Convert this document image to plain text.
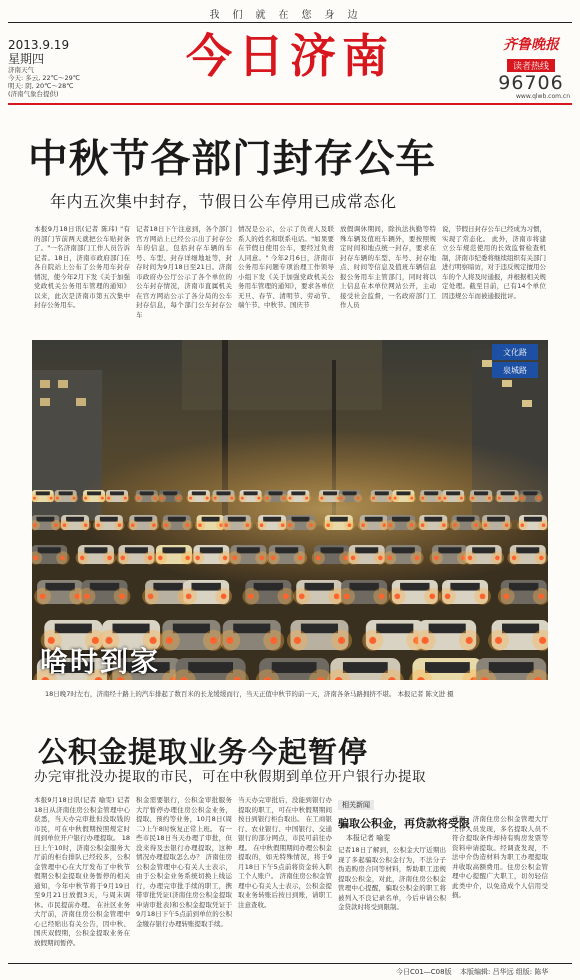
我们就在您身边
2013.9.19
星期四
济南天气
今天: 多云, 22℃～29℃
明天: 阴, 20℃～28℃
(济南气象台提供)
今日济南	齐鲁晚报
读者热线
96706
www.qlwb.com.cn
中秋节各部门封存公车
年内五次集中封存，节假日公车停用已成常态化
本报9月18日讯(记者 陈玮) "有的部门节前两天就把公车贴封条了。"一名济南部门工作人员告诉记者。18日，济南市政府部门在各自院站上公布了公务用车封存情况，使今年2月下发《关于加强党政机关公务用车管理的通知》以来，此次是济南市第五次集中封存公务用车。
记者18日下午注意到，各个部门官方网站上已经公示出了封存公车的信息，包括封存车辆的车号、车型、封存详细地址等，封存时间为9月18日至21日。济南市政府办公厅公示了各个单位的公车封存情况，济南市直属机关在官方网站公示了各分局的公车封存信息，每个部门公车封存公车
情况是公示，公示了负责人及联系人的姓名和联系电话。"如果要在节假日使用公车，要经过负责人同意。" 今年2月6日，济南市公务用车问题专项治理工作领导小组下发《关于加强党政机关公务用车管理的通知》，要求各单位无旦、春节、清明节、劳动节、端午节、中秋节、国庆节
放假调休期间，除执法执勤等特殊车辆及值班车辆外，要按照规定时间和地点统一封存，要求在封存车辆的车型、车号、封存地点、时间等信息及值班车辆信息报公务用车主管部门，同时将以上信息在本单位网站公开，主动接受社会监督，一名政府部门工作人员
说，节假日封存公车已经成为习惯，实现了常态化。 此外，济南市将建立公车规范使用的长效监督检查机制，济南市纪委将继续组织有关部门进行明察暗访，对于违反规定擅用公车的个人将及时通报，并根据相关规定处理。截至目前，已有14个单位因违规公车而被通报批评。
文化路
泉城路
啥时到家
18日晚7时左右，济南经十路上的汽车排起了数百米的长龙缓缓而行，当天正值中秋节的前一天，济南各条马路拥挤不堪。 本报记者 陈文进 摄
公积金提取业务今起暂停
办完审批没办提取的市民，可在中秋假期到单位开户银行办提取
本报9月18日讯(记者 喻雯) 记者18日从济南住房公积金管理中心获悉，当天办完审批但没取钱的市民，可在中秋假期按照规定时间到单位开户银行办理提取。 18日上午10时，济南公积金服务大厅前的柜台排队已经较多，公积金管理中心在大厅发布了中秋节假期公积金提取业务暂停的相关通知，今年中秋节将于9月19日至9月21日放假3天，与周末调休。市民提前办理。 在社区业务大厅前，济南住房公积金管理中心已经贴出有关公告，因中秋、国庆双假期，公积金提取业务在放假期间暂停。
积金需要银行，公积金审批服务大厅暂停办理住房公积金业务，提取、预约等业务，10月8日(周二)上午8时恢复正常上班。 有一些市民18日当天办理了审批，但没来得及去银行办理提取，这种情况办理提取怎么办？ 济南住房公积金管理中心有关人士表示，由于公积金业务系统切换上线运行，办理完审批手续的职工，携带审批凭证(济南住房公积金提取申请审批表)和公积金提取凭证于9月18日下午5点前到单位的公积金缴存银行办理转账提取手续。
当天办完审批后，没能到银行办提取的职工，可在中秋假期期间按日到银行柜台取出。 在工商银行、农业银行、中国银行、交通银行的部分网点，市民可前往办理。 在中秋假期期间办理公积金提取的，如无特殊情况，将于9月18日下午5点前将资金转入职工个人账户。 济南住房公积金管理中心有关人士表示，公积金提取业务转账后按日到账，请职工注意查收。
相关新闻
骗取公积金，再贷款将受限
本报记者 喻雯
记者18日了解到，公积金大厅近期出现了多起骗取公积金行为，不法分子伪造购房合同等材料，帮助职工违规提取公积金，对此，济南住房公积金管理中心提醒，骗取公积金的职工将被列入不良记录名单，今后申请公积金贷款时将受到限制。
近期，济南住房公积金管理大厅工作人员发现，多名提取人员不符合提取条件却持有购房发票等资料申请提取。经调查发现，不法中介伪造材料为职工办理提取并收取高额费用。住房公积金管理中心提醒广大职工，切勿轻信此类中介，以免造成个人信用受损。
今日C01—C08版 本版编辑: 吕华远 组版: 陈华
